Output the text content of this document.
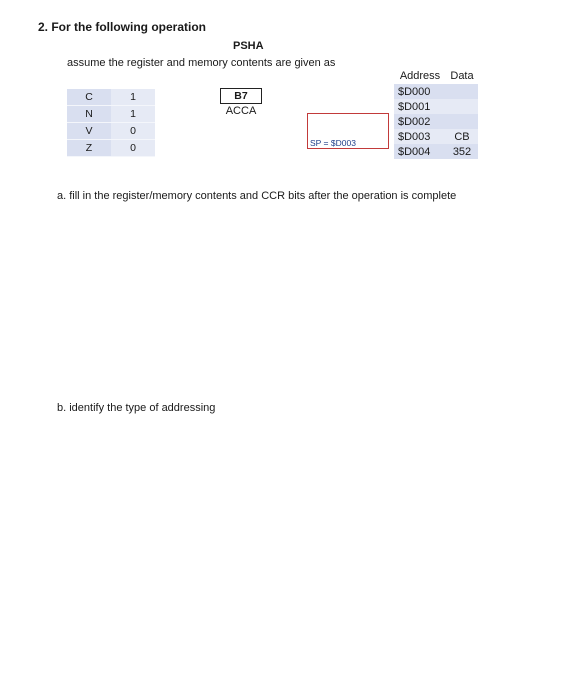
2. For the following operation
PSHA
assume the register and memory contents are given as
C	1
N	1
V	0
Z	0
B7
ACCA
SP = $D003
Address	Data
$D000	
$D001	
$D002	
$D003	CB
$D004	352
a. fill in the register/memory contents and CCR bits after the operation is complete
b. identify the type of addressing
